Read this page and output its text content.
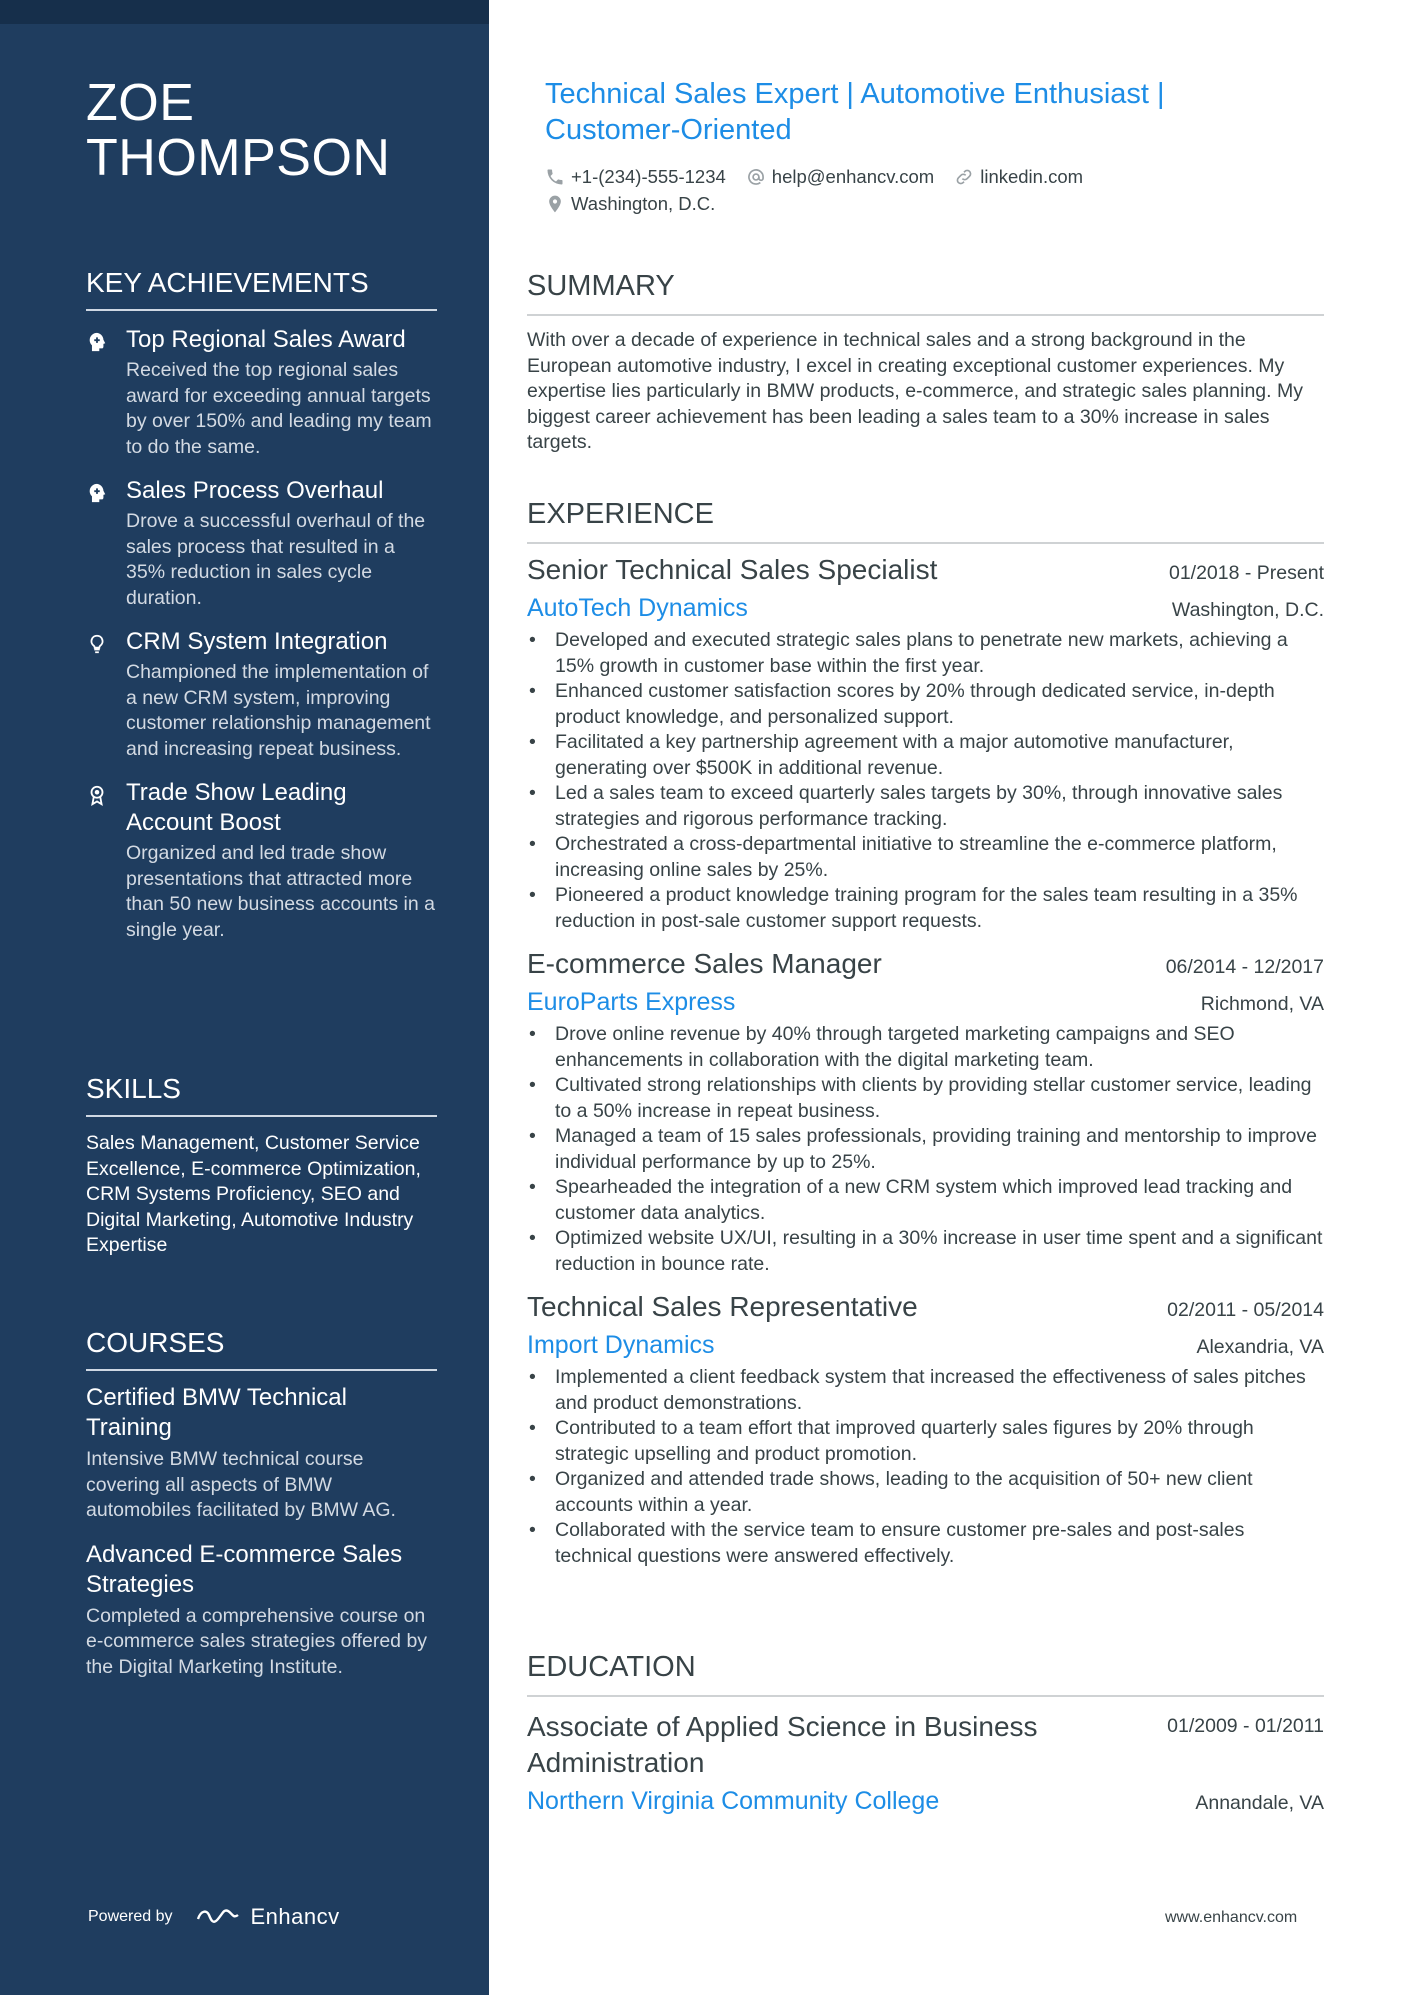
ZOE
THOMPSON
KEY ACHIEVEMENTS
Top Regional Sales Award
Received the top regional sales award for exceeding annual targets by over 150% and leading my team to do the same.
Sales Process Overhaul
Drove a successful overhaul of the sales process that resulted in a 35% reduction in sales cycle duration.
CRM System Integration
Championed the implementation of a new CRM system, improving customer relationship management and increasing repeat business.
Trade Show Leading Account Boost
Organized and led trade show presentations that attracted more than 50 new business accounts in a single year.
SKILLS
Sales Management, Customer Service Excellence, E-commerce Optimization, CRM Systems Proficiency, SEO and Digital Marketing, Automotive Industry Expertise
COURSES
Certified BMW Technical Training
Intensive BMW technical course covering all aspects of BMW automobiles facilitated by BMW AG.
Advanced E-commerce Sales Strategies
Completed a comprehensive course on e-commerce sales strategies offered by the Digital Marketing Institute.
Powered by	Enhancv
Technical Sales Expert | Automotive Enthusiast | Customer-Oriented
+1-(234)-555-1234 help@enhancv.com linkedin.com
Washington, D.C.
SUMMARY
With over a decade of experience in technical sales and a strong background in the European automotive industry, I excel in creating exceptional customer experiences. My expertise lies particularly in BMW products, e-commerce, and strategic sales planning. My biggest career achievement has been leading a sales team to a 30% increase in sales targets.
EXPERIENCE
Senior Technical Sales Specialist	01/2018 - Present
AutoTech Dynamics	Washington, D.C.
• Developed and executed strategic sales plans to penetrate new markets, achieving a 15% growth in customer base within the first year.
• Enhanced customer satisfaction scores by 20% through dedicated service, in-depth product knowledge, and personalized support.
• Facilitated a key partnership agreement with a major automotive manufacturer, generating over $500K in additional revenue.
• Led a sales team to exceed quarterly sales targets by 30%, through innovative sales strategies and rigorous performance tracking.
• Orchestrated a cross-departmental initiative to streamline the e-commerce platform, increasing online sales by 25%.
• Pioneered a product knowledge training program for the sales team resulting in a 35% reduction in post-sale customer support requests.
E-commerce Sales Manager	06/2014 - 12/2017
EuroParts Express	Richmond, VA
• Drove online revenue by 40% through targeted marketing campaigns and SEO enhancements in collaboration with the digital marketing team.
• Cultivated strong relationships with clients by providing stellar customer service, leading to a 50% increase in repeat business.
• Managed a team of 15 sales professionals, providing training and mentorship to improve individual performance by up to 25%.
• Spearheaded the integration of a new CRM system which improved lead tracking and customer data analytics.
• Optimized website UX/UI, resulting in a 30% increase in user time spent and a significant reduction in bounce rate.
Technical Sales Representative	02/2011 - 05/2014
Import Dynamics	Alexandria, VA
• Implemented a client feedback system that increased the effectiveness of sales pitches and product demonstrations.
• Contributed to a team effort that improved quarterly sales figures by 20% through strategic upselling and product promotion.
• Organized and attended trade shows, leading to the acquisition of 50+ new client accounts within a year.
• Collaborated with the service team to ensure customer pre-sales and post-sales technical questions were answered effectively.
EDUCATION
Associate of Applied Science in Business Administration
01/2009 - 01/2011
Northern Virginia Community College	Annandale, VA
www.enhancv.com
